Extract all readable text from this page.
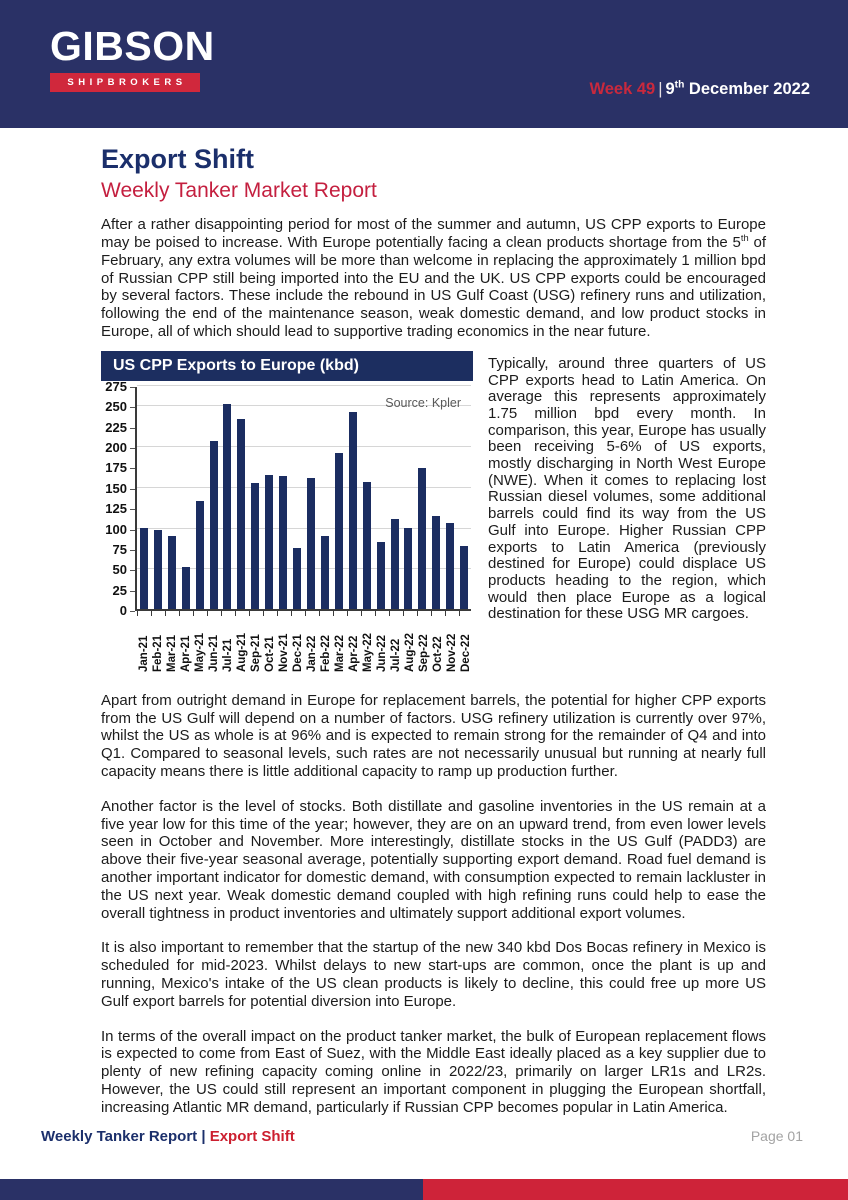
GIBSON
SHIPBROKERS	Week 49 | 9th December 2022
Export Shift
Weekly Tanker Market Report

After a rather disappointing period for most of the summer and autumn, US CPP exports to Europe may be poised to increase. With Europe potentially facing a clean products shortage from the 5th of February, any extra volumes will be more than welcome in replacing the approximately 1 million bpd of Russian CPP still being imported into the EU and the UK. US CPP exports could be encouraged by several factors. These include the rebound in US Gulf Coast (USG) refinery runs and utilization, following the end of the maintenance season, weak domestic demand, and low product stocks in Europe, all of which should lead to supportive trading economics in the near future.

US CPP Exports to Europe (kbd)
0
25
50
75
100
125
150
175
200
225
250
275
Source: Kpler
Jan-21 Feb-21 Mar-21 Apr-21 May-21 Jun-21 Jul-21 Aug-21 Sep-21 Oct-21 Nov-21 Dec-21 Jan-22 Feb-22 Mar-22 Apr-22 May-22 Jun-22 Jul-22 Aug-22 Sep-22 Oct-22 Nov-22 Dec-22
Typically, around three quarters of US CPP exports head to Latin America. On average this represents approximately 1.75 million bpd every month. In comparison, this year, Europe has usually been receiving 5-6% of US exports, mostly discharging in North West Europe (NWE). When it comes to replacing lost Russian diesel volumes, some additional barrels could find its way from the US Gulf into Europe. Higher Russian CPP exports to Latin America (previously destined for Europe) could displace US products heading to the region, which would then place Europe as a logical destination for these USG MR cargoes.

Apart from outright demand in Europe for replacement barrels, the potential for higher CPP exports from the US Gulf will depend on a number of factors. USG refinery utilization is currently over 97%, whilst the US as whole is at 96% and is expected to remain strong for the remainder of Q4 and into Q1. Compared to seasonal levels, such rates are not necessarily unusual but running at nearly full capacity means there is little additional capacity to ramp up production further.

Another factor is the level of stocks. Both distillate and gasoline inventories in the US remain at a five year low for this time of the year; however, they are on an upward trend, from even lower levels seen in October and November. More interestingly, distillate stocks in the US Gulf (PADD3) are above their five-year seasonal average, potentially supporting export demand. Road fuel demand is another important indicator for domestic demand, with consumption expected to remain lackluster in the US next year. Weak domestic demand coupled with high refining runs could help to ease the overall tightness in product inventories and ultimately support additional export volumes.

It is also important to remember that the startup of the new 340 kbd Dos Bocas refinery in Mexico is scheduled for mid-2023. Whilst delays to new start-ups are common, once the plant is up and running, Mexico's intake of the US clean products is likely to decline, this could free up more US Gulf export barrels for potential diversion into Europe.

In terms of the overall impact on the product tanker market, the bulk of European replacement flows is expected to come from East of Suez, with the Middle East ideally placed as a key supplier due to plenty of new refining capacity coming online in 2022/23, primarily on larger LR1s and LR2s. However, the US could still represent an important component in plugging the European shortfall, increasing Atlantic MR demand, particularly if Russian CPP becomes popular in Latin America.

Weekly Tanker Report | Export Shift	Page 01
